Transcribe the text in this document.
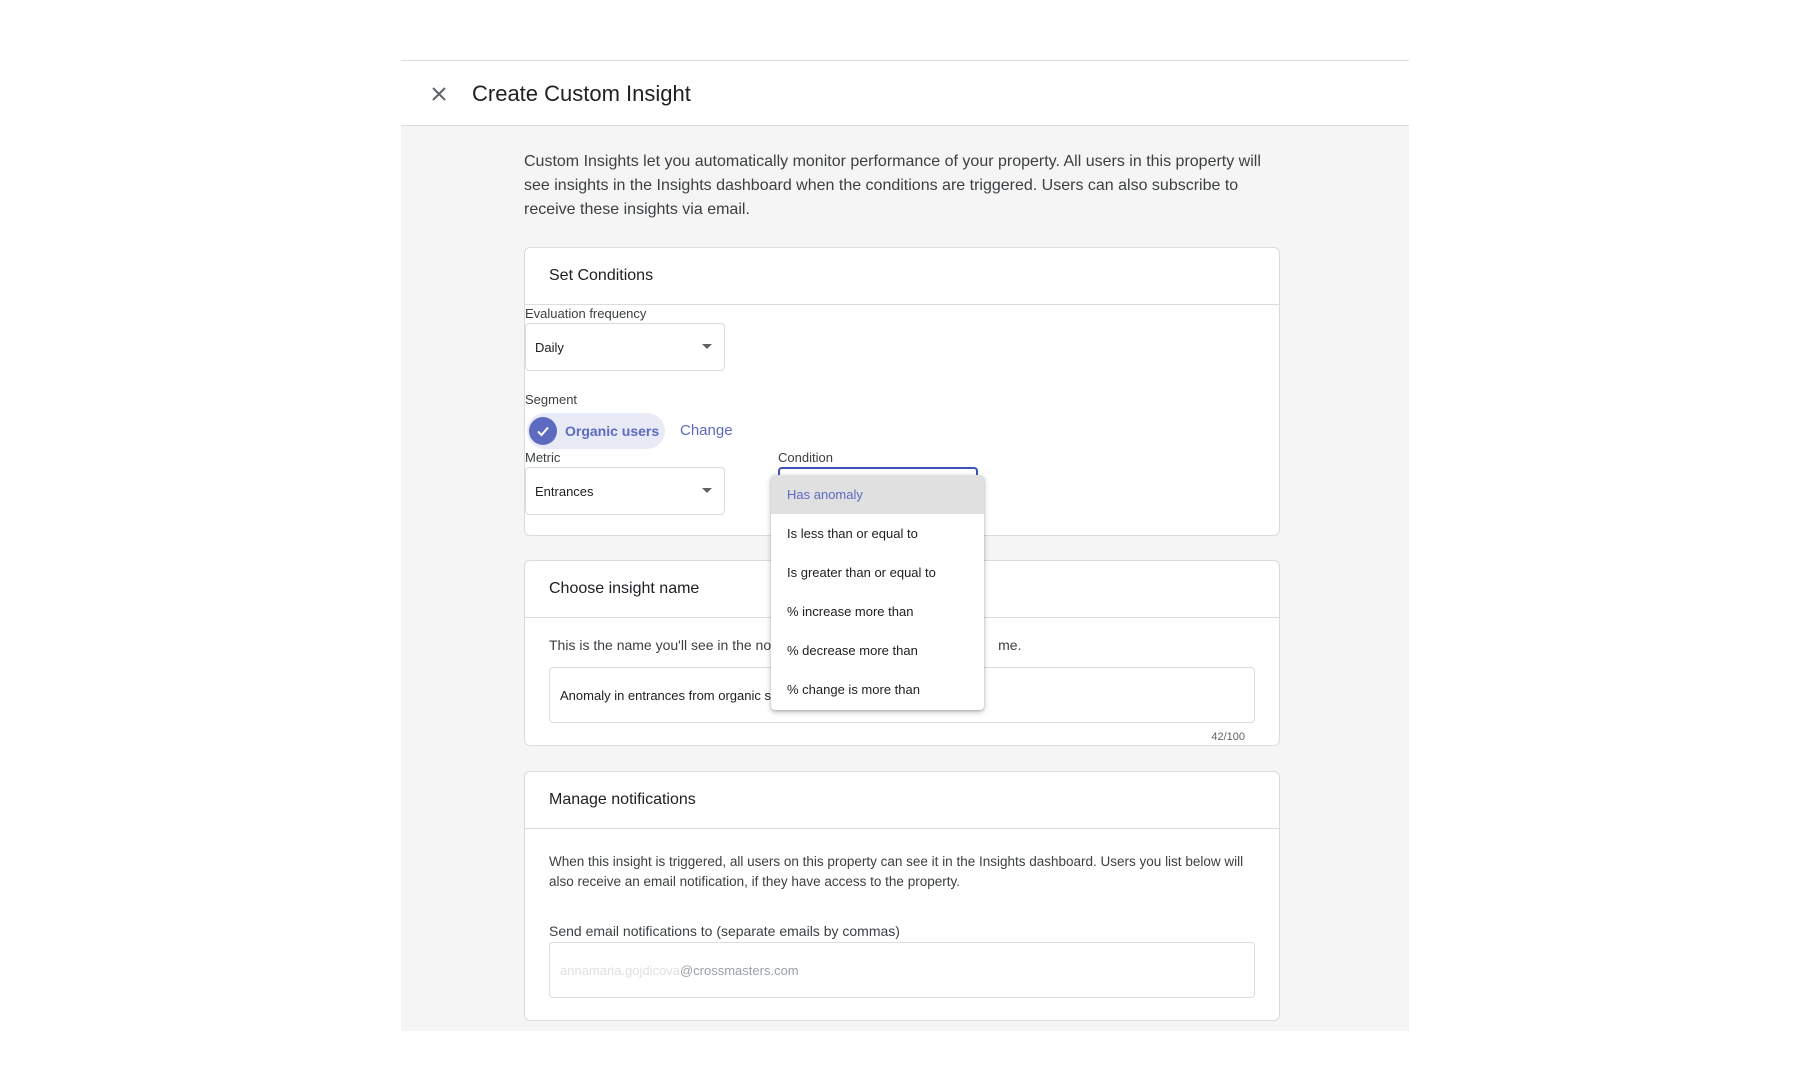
Create Custom Insight
Custom Insights let you automatically monitor performance of your property. All users in this property will see insights in the Insights dashboard when the conditions are triggered. Users can also subscribe to receive these insights via email.
Set Conditions
Evaluation frequency
Daily
Segment
Organic users Change
Metric
Entrances
Condition
Choose insight name
This is the name you'll see in the no	me.
Anomaly in entrances from organic s
42/100
Manage notifications
When this insight is triggered, all users on this property can see it in the Insights dashboard. Users you list below will also receive an email notification, if they have access to the property.
Send email notifications to (separate emails by commas)
annamaria.gojdicova @crossmasters.com
Has anomaly
Is less than or equal to
Is greater than or equal to
% increase more than
% decrease more than
% change is more than
